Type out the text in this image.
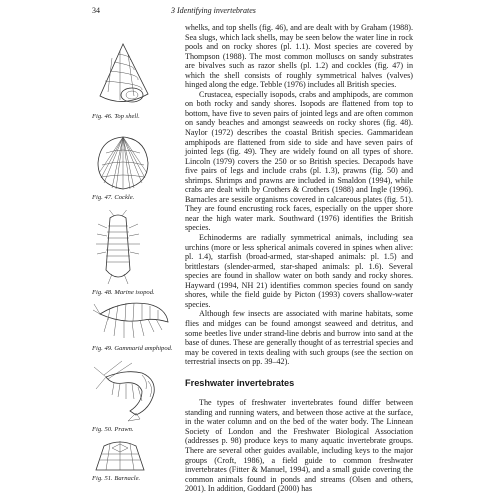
34	3 Identifying invertebrates
Fig. 46. Top shell.
Fig. 47. Cockle.
Fig. 48. Marine isopod.
Fig. 49. Gammarid amphipod.
Fig. 50. Prawn.
Fig. 51. Barnacle.

whelks, and top shells (fig. 46), and are dealt with by Graham (1988). Sea slugs, which lack shells, may be seen below the water line in rock pools and on rocky shores (pl. 1.1). Most species are covered by Thompson (1988). The most common molluscs on sandy substrates are bivalves such as razor shells (pl. 1.2) and cockles (fig. 47) in which the shell consists of roughly symmetrical halves (valves) hinged along the edge. Tebble (1976) includes all British species.

Crustacea, especially isopods, crabs and amphipods, are common on both rocky and sandy shores. Isopods are flattened from top to bottom, have five to seven pairs of jointed legs and are often common on sandy beaches and amongst seaweeds on rocky shores (fig. 48). Naylor (1972) describes the coastal British species. Gammaridean amphipods are flattened from side to side and have seven pairs of jointed legs (fig. 49). They are widely found on all types of shore. Lincoln (1979) covers the 250 or so British species. Decapods have five pairs of legs and include crabs (pl. 1.3), prawns (fig. 50) and shrimps. Shrimps and prawns are included in Smaldon (1994), while crabs are dealt with by Crothers & Crothers (1988) and Ingle (1996). Barnacles are sessile organisms covered in calcareous plates (fig. 51). They are found encrusting rock faces, especially on the upper shore near the high water mark. Southward (1976) identifies the British species.

Echinoderms are radially symmetrical animals, including sea urchins (more or less spherical animals covered in spines when alive: pl. 1.4), starfish (broad-armed, star-shaped animals: pl. 1.5) and brittlestars (slender-armed, star-shaped animals: pl. 1.6). Several species are found in shallow water on both sandy and rocky shores. Hayward (1994, NH 21) identifies common species found on sandy shores, while the field guide by Picton (1993) covers shallow-water species.

Although few insects are associated with marine habitats, some flies and midges can be found amongst seaweed and detritus, and some beetles live under strand-line debris and burrow into sand at the base of dunes. These are generally thought of as terrestrial species and may be covered in texts dealing with such groups (see the section on terrestrial insects on pp. 39–42).

Freshwater invertebrates

The types of freshwater invertebrates found differ between standing and running waters, and between those active at the surface, in the water column and on the bed of the water body. The Linnean Society of London and the Freshwater Biological Association (addresses p. 98) produce keys to many aquatic invertebrate groups. There are several other guides available, including keys to the major groups (Croft, 1986), a field guide to common freshwater invertebrates (Fitter & Manuel, 1994), and a small guide covering the common animals found in ponds and streams (Olsen and others, 2001). In addition, Goddard (2000) has
